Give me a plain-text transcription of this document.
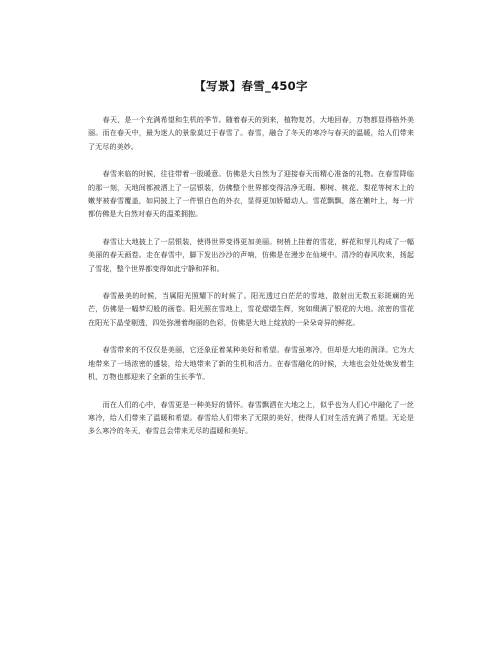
【写景】春雪_450字

春天，是一个充满希望和生机的季节。随着春天的到来，植物复苏，大地回春，万物都显得格外美丽。而在春天中，最为迷人的景象莫过于春雪了。春雪，融合了冬天的寒冷与春天的温暖，给人们带来了无尽的美妙。

春雪来临的时候，往往带着一股暖意。仿佛是大自然为了迎接春天而精心准备的礼物。在春雪降临的那一刻，天地间都被洒上了一层银装，仿佛整个世界都变得洁净无瑕。柳树、桃花、梨花等树木上的嫩芽被春雪覆盖，如同披上了一件银白色的外衣，显得更加娇媚动人。雪花飘飘，落在嫩叶上，每一片都仿佛是大自然对春天的温柔拥抱。

春雪让大地披上了一层银装，使得世界变得更加美丽。树梢上挂着的雪花，鲜花和芽儿构成了一幅美丽的春天画卷。走在春雪中，脚下发出沙沙的声响，仿佛是在漫步在仙境中。清冷的春风吹来，扬起了雪花，整个世界都变得如此宁静和祥和。

春雪最美的时候，当属阳光照耀下的时候了。阳光透过白茫茫的雪地，散射出无数五彩斑斓的光芒，仿佛是一幅梦幻般的画卷。阳光照在雪地上，雪花熠熠生辉，宛如缀满了银花的大地。浓密的雪花在阳光下晶莹剔透，四处弥漫着绚丽的色彩，仿佛是大地上绽放的一朵朵奇异的鲜花。

春雪带来的不仅仅是美丽，它还象征着某种美好和希望。春雪虽寒冷，但却是大地的润泽。它为大地带来了一场浓密的盛装，给大地带来了新的生机和活力。在春雪融化的时候，大地也会处处焕发着生机，万物也都迎来了全新的生长季节。

而在人们的心中，春雪更是一种美好的情怀。春雪飘洒在大地之上，似乎也为人们心中融化了一丝寒冷，给人们带来了温暖和希望。春雪给人们带来了无限的美好，使得人们对生活充满了希望。无论是多么寒冷的冬天，春雪总会带来无尽的温暖和美好。
